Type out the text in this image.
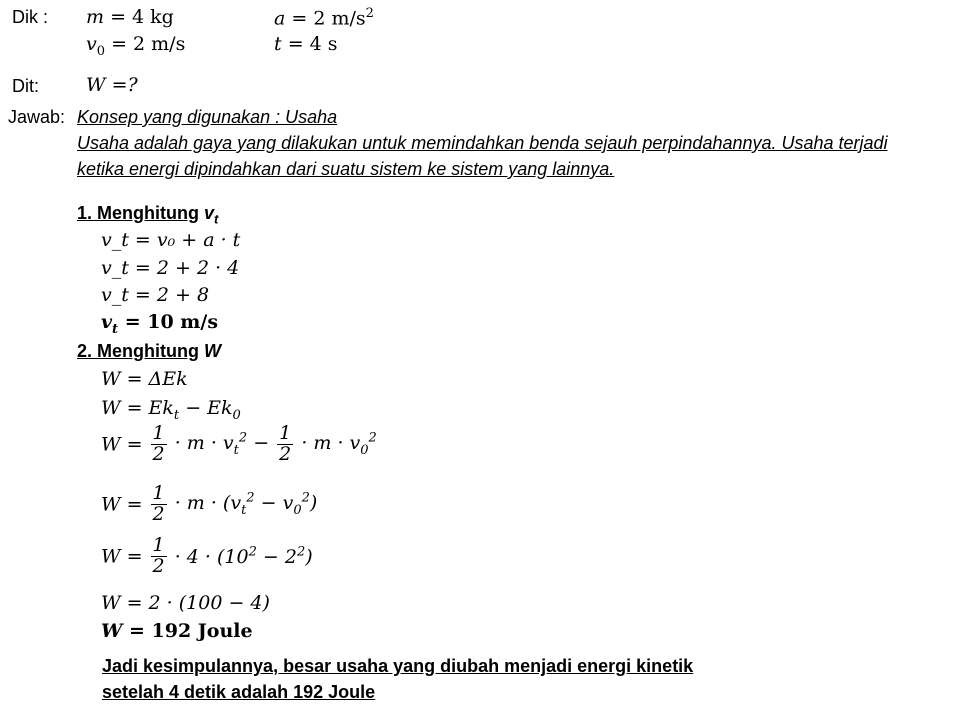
Dik : m = 4 kg	a = 2 $m/s^2$
$v_0 = 2$ m/s	t = 4 s
Dit: W =?
Jawab: Konsep yang digunakan : Usaha
Usaha adalah gaya yang dilakukan untuk memindahkan benda sejauh perpindahannya. Usaha terjadi
ketika energi dipindahkan dari suatu sistem ke sistem yang lainnya.
1. Menghitung $v_t$
v_t = v₀ + a · t
v_t = 2 + 2 · 4
v_t = 2 + 8
$v_t = 10$ m/s
2. Menghitung W
W = ΔEk
$W = Ek_t - Ek_0$
$W = \frac{1}{2} \cdot m \cdot v_t^2 - \frac{1}{2} \cdot m \cdot v_0^2$
$W = \frac{1}{2} \cdot m \cdot (v_t^2 - v_0^2)$
$W = \frac{1}{2} \cdot 4 \cdot (10^2 - 2^2)$
W = 2 · (100 − 4)
W = 192 Joule
Jadi kesimpulannya, besar usaha yang diubah menjadi energi kinetik
setelah 4 detik adalah 192 Joule
